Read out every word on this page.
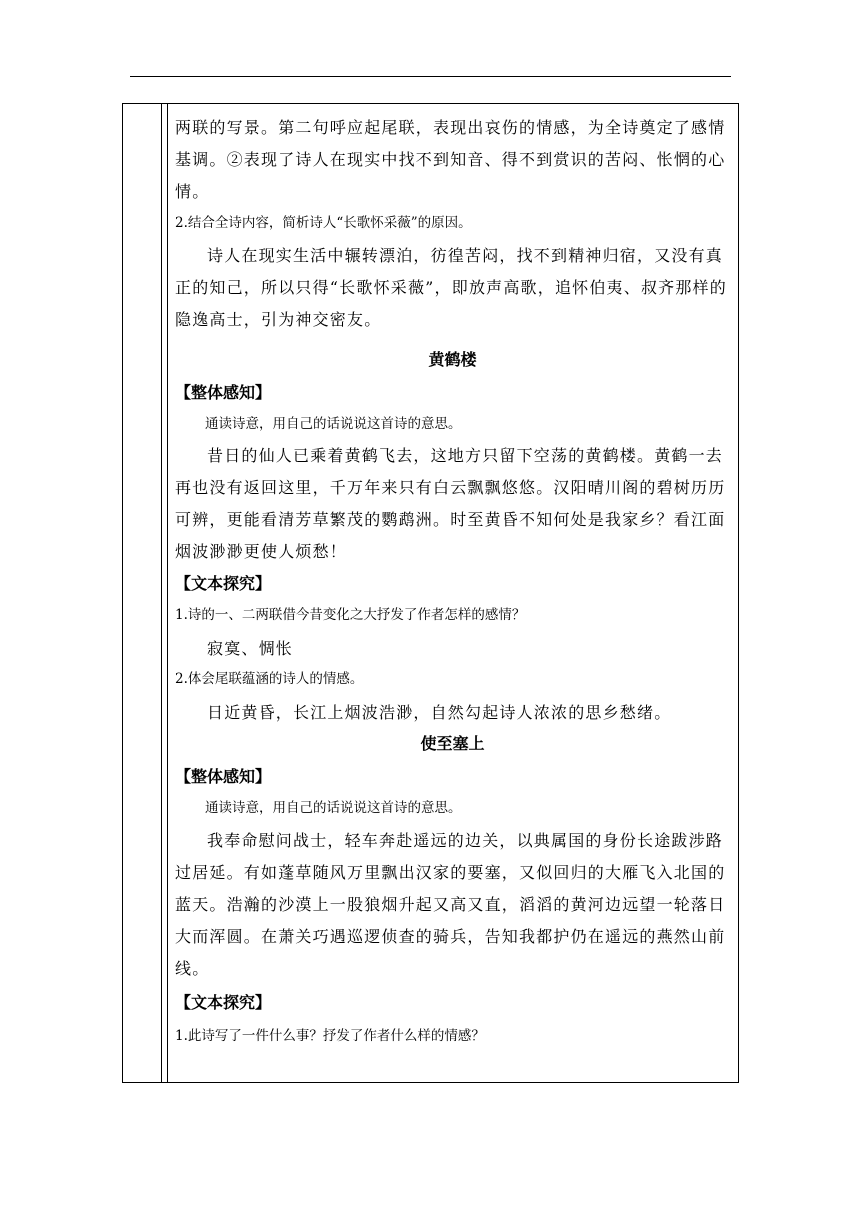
两联的写景。第二句呼应起尾联，表现出哀伤的情感，为全诗奠定了感情
基调。②表现了诗人在现实中找不到知音、得不到赏识的苦闷、怅惘的心
情。
2.结合全诗内容，简析诗人“长歌怀采薇”的原因。
诗人在现实生活中辗转漂泊，彷徨苦闷，找不到精神归宿，又没有真
正的知己，所以只得“长歌怀采薇”，即放声高歌，追怀伯夷、叔齐那样的
隐逸高士，引为神交密友。
黄鹤楼
【整体感知】
通读诗意，用自己的话说说这首诗的意思。
昔日的仙人已乘着黄鹤飞去，这地方只留下空荡的黄鹤楼。黄鹤一去
再也没有返回这里，千万年来只有白云飘飘悠悠。汉阳晴川阁的碧树历历
可辨，更能看清芳草繁茂的鹦鹉洲。时至黄昏不知何处是我家乡？看江面
烟波渺渺更使人烦愁！
【文本探究】
1.诗的一、二两联借今昔变化之大抒发了作者怎样的感情？
寂寞、惆怅
2.体会尾联蕴涵的诗人的情感。
日近黄昏，长江上烟波浩渺，自然勾起诗人浓浓的思乡愁绪。
使至塞上
【整体感知】
通读诗意，用自己的话说说这首诗的意思。
我奉命慰问战士，轻车奔赴遥远的边关，以典属国的身份长途跋涉路
过居延。有如蓬草随风万里飘出汉家的要塞，又似回归的大雁飞入北国的
蓝天。浩瀚的沙漠上一股狼烟升起又高又直，滔滔的黄河边远望一轮落日
大而浑圆。在萧关巧遇巡逻侦查的骑兵，告知我都护仍在遥远的燕然山前
线。
【文本探究】
1.此诗写了一件什么事？抒发了作者什么样的情感？
